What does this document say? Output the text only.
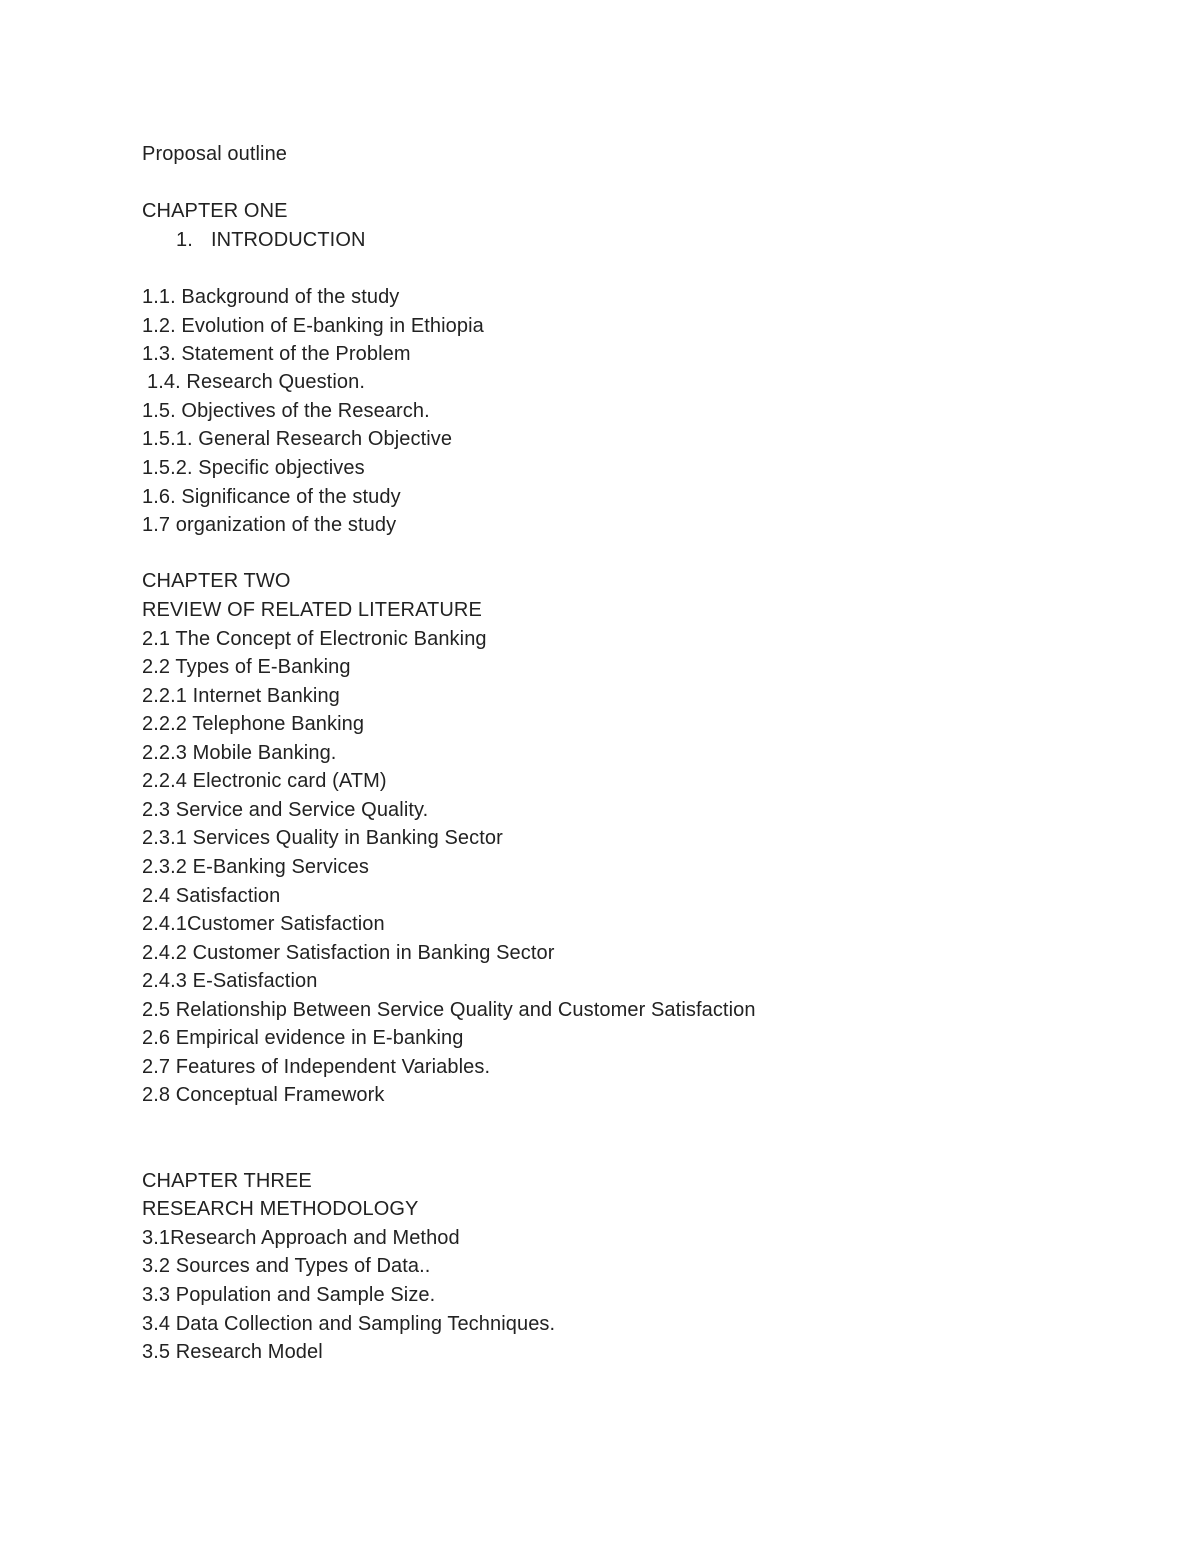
Proposal outline
CHAPTER ONE
1. INTRODUCTION
1.1. Background of the study
1.2. Evolution of E-banking in Ethiopia
1.3. Statement of the Problem
1.4. Research Question.
1.5. Objectives of the Research.
1.5.1. General Research Objective
1.5.2. Specific objectives
1.6. Significance of the study
1.7 organization of the study
CHAPTER TWO
REVIEW OF RELATED LITERATURE
2.1 The Concept of Electronic Banking
2.2 Types of E-Banking
2.2.1 Internet Banking
2.2.2 Telephone Banking
2.2.3 Mobile Banking.
2.2.4 Electronic card (ATM)
2.3 Service and Service Quality.
2.3.1 Services Quality in Banking Sector
2.3.2 E-Banking Services
2.4 Satisfaction
2.4.1Customer Satisfaction
2.4.2 Customer Satisfaction in Banking Sector
2.4.3 E-Satisfaction
2.5 Relationship Between Service Quality and Customer Satisfaction
2.6 Empirical evidence in E-banking
2.7 Features of Independent Variables.
2.8 Conceptual Framework
CHAPTER THREE
RESEARCH METHODOLOGY
3.1Research Approach and Method
3.2 Sources and Types of Data..
3.3 Population and Sample Size.
3.4 Data Collection and Sampling Techniques.
3.5 Research Model
